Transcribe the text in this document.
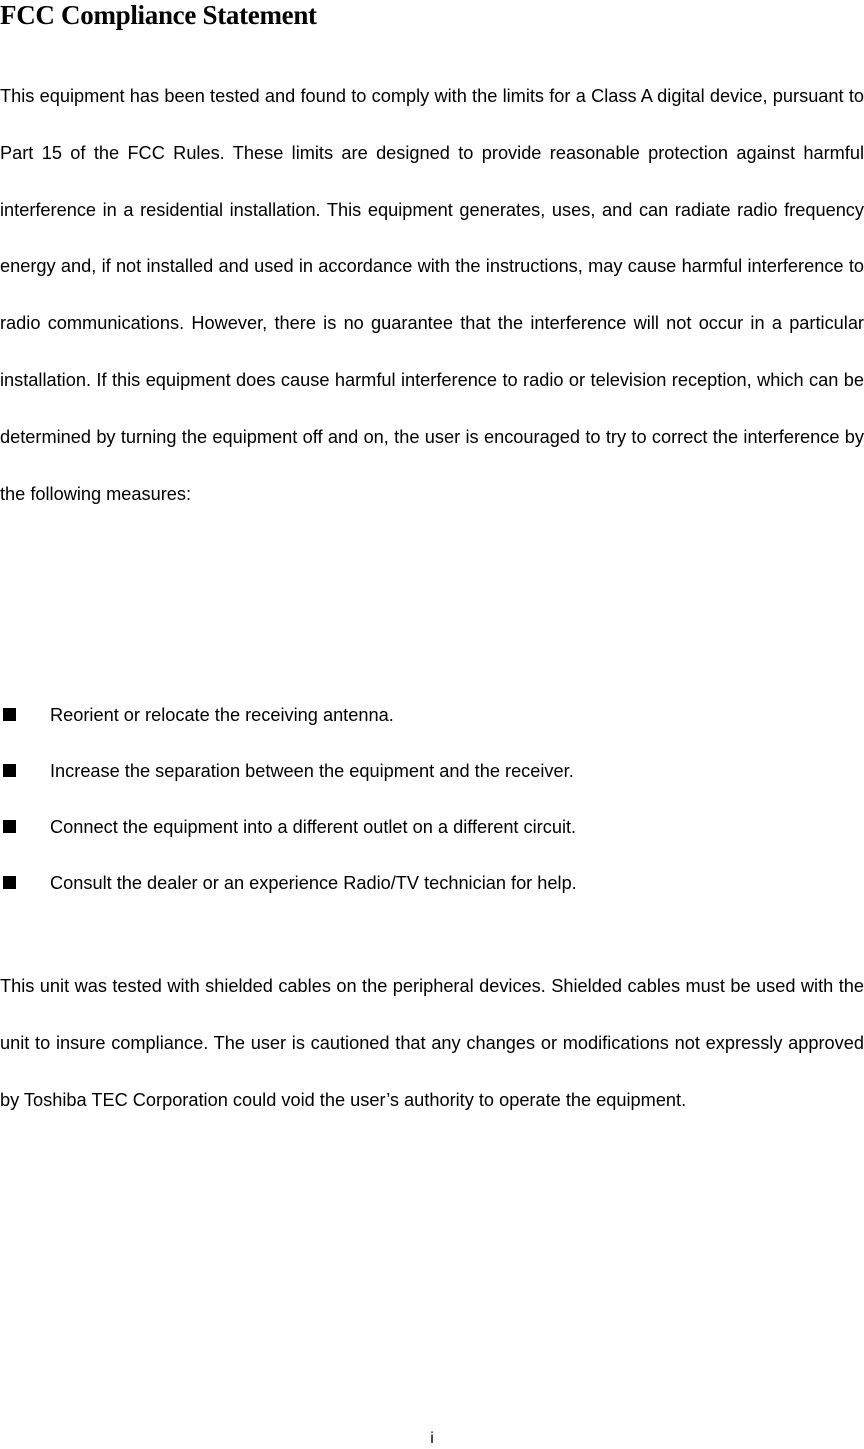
FCC Compliance Statement

This equipment has been tested and found to comply with the limits for a Class A digital device, pursuant to Part 15 of the FCC Rules. These limits are designed to provide reasonable protection against harmful interference in a residential installation. This equipment generates, uses, and can radiate radio frequency energy and, if not installed and used in accordance with the instructions, may cause harmful interference to radio communications. However, there is no guarantee that the interference will not occur in a particular installation. If this equipment does cause harmful interference to radio or television reception, which can be determined by turning the equipment off and on, the user is encouraged to try to correct the interference by the following measures:

Reorient or relocate the receiving antenna.
Increase the separation between the equipment and the receiver.
Connect the equipment into a different outlet on a different circuit.
Consult the dealer or an experience Radio/TV technician for help.

This unit was tested with shielded cables on the peripheral devices. Shielded cables must be used with the unit to insure compliance. The user is cautioned that any changes or modifications not expressly approved by Toshiba TEC Corporation could void the user’s authority to operate the equipment.

i
